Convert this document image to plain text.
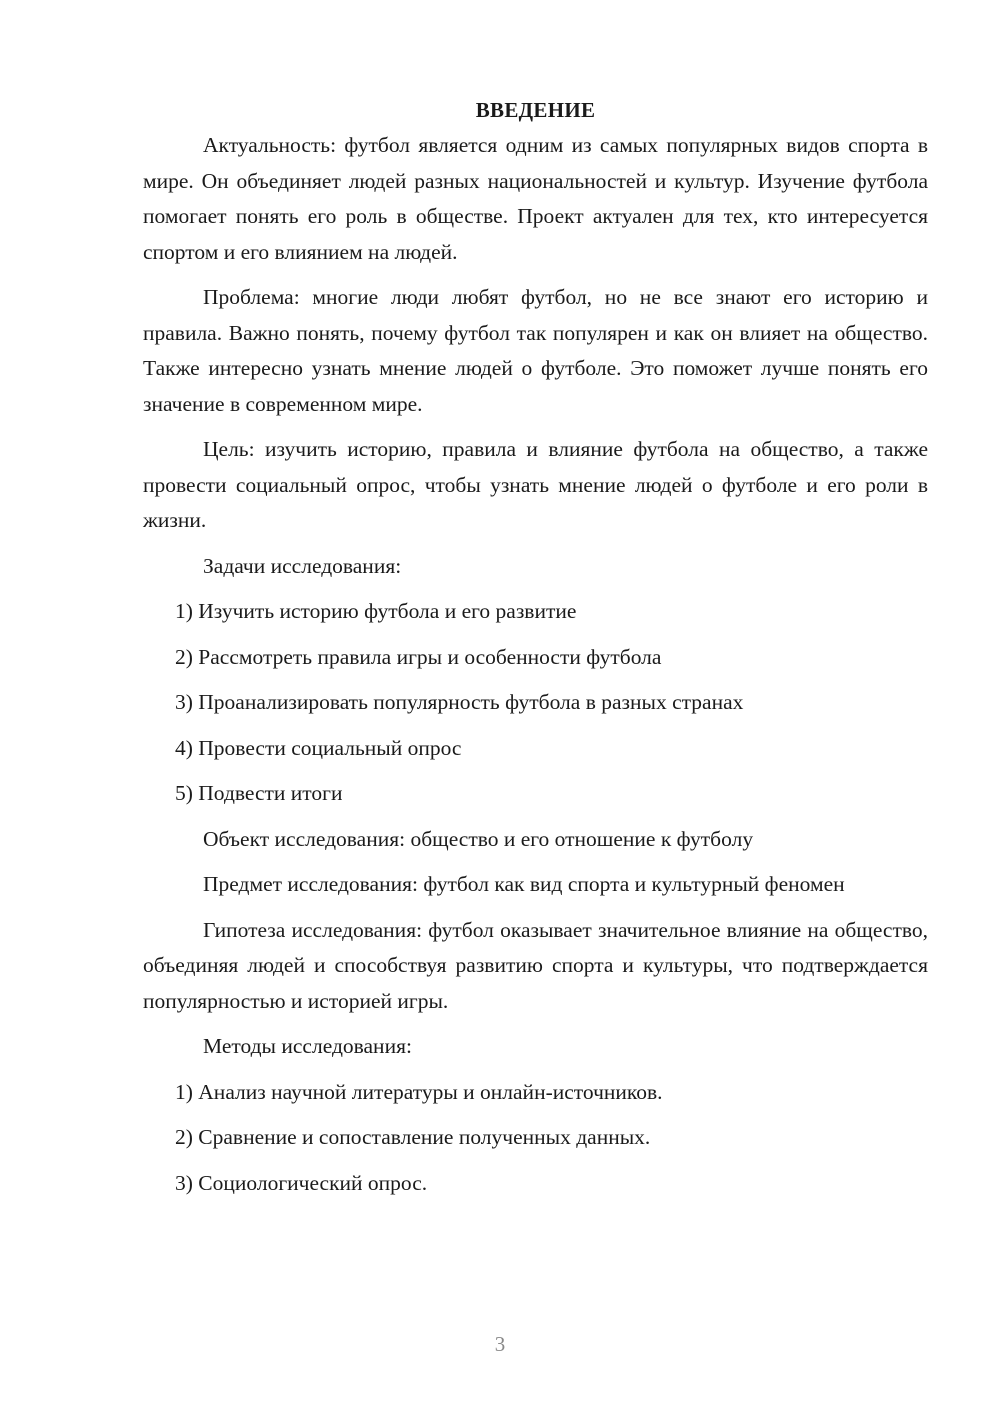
ВВЕДЕНИЕ

Актуальность: футбол является одним из самых популярных видов спорта в мире. Он объединяет людей разных национальностей и культур. Изучение футбола помогает понять его роль в обществе. Проект актуален для тех, кто интересуется спортом и его влиянием на людей.

Проблема: многие люди любят футбол, но не все знают его историю и правила. Важно понять, почему футбол так популярен и как он влияет на общество. Также интересно узнать мнение людей о футболе. Это поможет лучше понять его значение в современном мире.

Цель: изучить историю, правила и влияние футбола на общество, а также провести социальный опрос, чтобы узнать мнение людей о футболе и его роли в жизни.

Задачи исследования:

1) Изучить историю футбола и его развитие
2) Рассмотреть правила игры и особенности футбола
3) Проанализировать популярность футбола в разных странах
4) Провести социальный опрос
5) Подвести итоги

Объект исследования: общество и его отношение к футболу

Предмет исследования: футбол как вид спорта и культурный феномен

Гипотеза исследования: футбол оказывает значительное влияние на общество, объединяя людей и способствуя развитию спорта и культуры, что подтверждается популярностью и историей игры.

Методы исследования:

1) Анализ научной литературы и онлайн-источников.
2) Сравнение и сопоставление полученных данных.
3) Социологический опрос.
3
